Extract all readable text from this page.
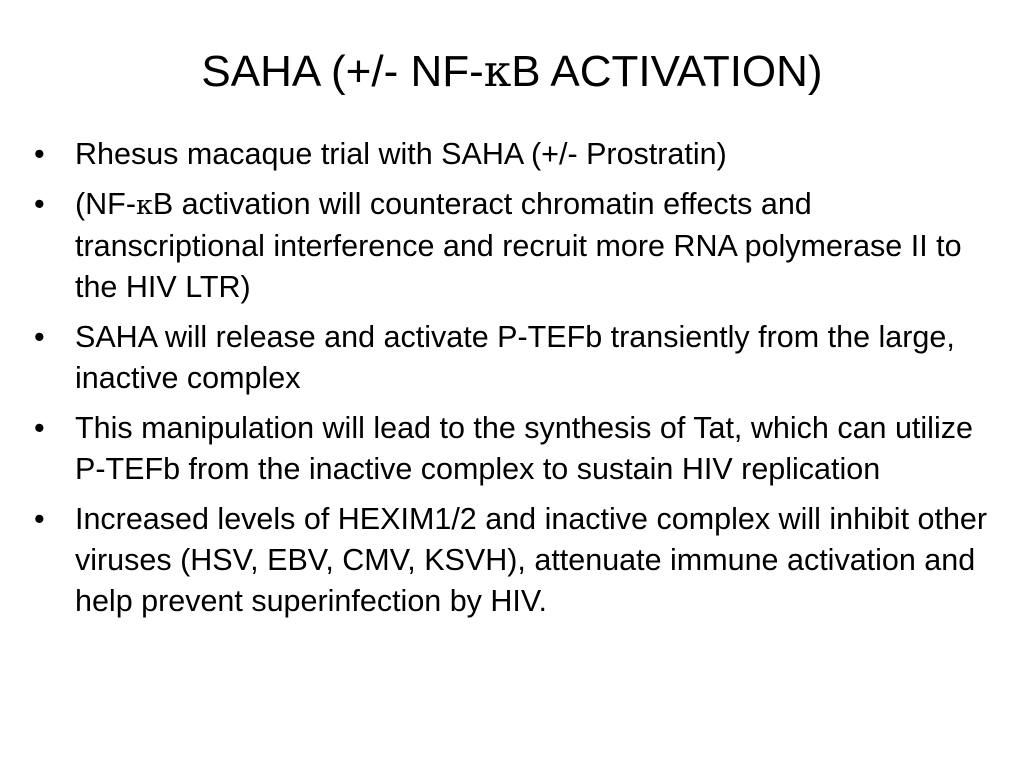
SAHA (+/- NF-κB ACTIVATION)
• Rhesus macaque trial with SAHA (+/- Prostratin)
• (NF-κB activation will counteract chromatin effects and transcriptional interference and recruit more RNA polymerase II to the HIV LTR)
• SAHA will release and activate P-TEFb transiently from the large, inactive complex
• This manipulation will lead to the synthesis of Tat, which can utilize P-TEFb from the inactive complex to sustain HIV replication
• Increased levels of HEXIM1/2 and inactive complex will inhibit other viruses (HSV, EBV, CMV, KSVH), attenuate immune activation and help prevent superinfection by HIV.
